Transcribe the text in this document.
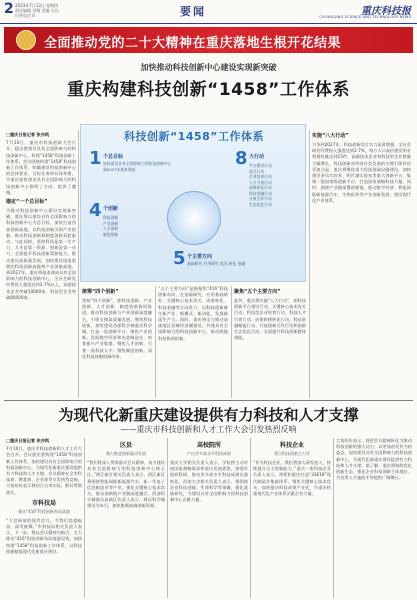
2 2023年7月13日 星期四
责任编辑 刘翔 美编 丰山
出售电话 0	要闻	重庆科技报
CHONGQING SCIENCE AND TECHNOLOGY NEWS
全面推动党的二十大精神在重庆落地生根开花结果
加快推动科技创新中心建设实现新突破
重庆构建科技创新“1458”工作体系
□重庆日报记者 张亦筑
7月10日，重庆市科技创新大会召开，提出要建设具有全国影响力的科技创新中心，构建“1458”科技创新工作体系。会议围绕构建“1458”科技创新工作体系，明确建设科技创新中心的总体要求、目标任务和具体举措，为重庆加快建设具有全国影响力的科技创新中心指明了方向、提供了遵循。
锚定“一个总目标”
为推动科技创新中心建设实现新突破，重庆将以建设具有全国影响力的科技创新中心为总目标，加快打造西部创新高地，以科技创新引领产业创新，推动科技创新和制度创新双轮驱动。与此同时，坚持科技是第一生产力、人才是第一资源、创新是第一动力，全面提升科技创新策源能力，推动重庆高质量发展，加快建设国家重要的科技创新高地和产业创新高地。到2027年，重庆将基本建成具有全国影响力的科技创新中心，全社会研发经费投入强度达到2.7%以上，高新技术企业突破10000家，科技型企业突破80000家。
科技创新“1458”工作体系
1 个总目标
加快建设具有全国影响力的科技创新中心
到2027年基本建成
4 个创新
科技创新
产业创新
人才创新
制度创新
5 个主要方向
基础研究 应用研究 攻关 转化 金融
8 大行动
平台建设行动
攻关行动
企业培育行动
人才引育行动
成果转化行动
科技金融行动
开放合作行动
生态优化行动
统筹“四个创新”
坚持“四个创新”，即科技创新、产业创新、人才创新、制度创新协同推进，推动科技创新与产业创新深度融合，引领支撑高质量发展。聚焦科技创新，加快建设西部科学城重庆科学城，打造一流创新平台；聚焦产业创新，发展数字经济和先进制造业，培育新兴产业集群；聚焦人才创新，引育一流科技人才；聚焦制度创新，深化科技体制机制改革。
“五个主要方向”是指聚焦“416”科技创新布局，在基础研究、应用基础研究、关键核心技术攻关、成果转化、科技金融等方向发力，以科技创新催生新产业、新模式、新动能，发展新质生产力。同时，重庆将全力推动成渝地区双城经济圈建设，共建具有全国影响力的科技创新中心，推动两地科技协同创新。
聚焦“五个主要方向”
此外，重庆将实施“八大行动”，即科技创新平台建设行动、关键核心技术攻关行动、科技型企业培育行动、科技人才引育行动、成果转移转化行动、科技金融赋能行动、开放创新合作行动和创新生态优化行动，全面提升科技创新整体效能。
实施“八大行动”
力争到2027年，科技创新综合实力显著增强，全社会研发经费投入强度达到2.7%，每万人口高价值发明专利拥有量达到15件，高新技术企业和科技型企业数量大幅增长，科技创新对经济社会发展的支撑引领作用更加凸显。重庆将聚焦重大科技基础设施建设，加快建设金凤实验室、明月湖实验室等重大创新平台，集聚一批国家级创新平台，打造国家战略科技力量。同时，围绕产业链部署创新链，推动数字经济、智能网联新能源汽车、生物医药等产业创新发展，建设现代化产业体系。
为现代化新重庆建设提供有力科技和人才支撑
——重庆市科技创新和人才工作大会引发热烈反响
□重庆日报记者 张亦筑
7月10日，重庆市科技创新和人才工作大会召开。会议提出要构建“1458”科技创新工作体系，加快建设具有全国影响力的科技创新中心，为现代化新重庆建设提供有力科技和人才支撑。会议精神在全市科技界、教育界、企业界等引发热烈反响，大家纷纷表示将结合自身实际，抓好贯彻落实。
市科技局
推动“416”科技创新布局落地
“大会释放的强烈信号，令我们倍感振奋、深受鼓舞。”市科技局相关负责人表示，下一步，将以会议精神为指引，全力推动“416”科技创新布局落地见效，加快构建“1458”科技创新工作体系，以科技创新赋能现代化新重庆建设。
区县
聚力推进创新驱动发展
“我们将深入贯彻落实会议精神，奋力建设具有全国影响力的科技创新中心核心区。”两江新区相关负责人表示，两江新区将围绕智能网联新能源汽车、新一代电子信息制造业等产业，强化关键核心技术攻关，推动创新链产业链深度融合。西部科学城重庆高新区负责人表示，将以科学城建设为牵引，加快集聚高端创新资源。
高校院所
产出更多高水平科技成果
重庆大学相关负责人表示，学校将主动对接国家战略需求和重庆发展需要，加强有组织科研，推动更多高水平科技成果在渝转化。西南大学相关负责人表示，将围绕农业科技创新、生命科学等领域，强化基础研究，为建设具有全国影响力的科技创新中心贡献力量。
科技企业
勇当科技创新主力军
“作为科技企业，我们将加大研发投入，持续提升自主创新能力。”重庆一家科技企业负责人表示，将紧扣重庆打造“33618”现代制造业集群体系，聚焦关键核心技术攻关，加快推动科技成果产业化，为重庆构建现代化产业体系贡献企业力量。
大家纷纷表示，将把会议精神转化为推动科技创新的强大动力，以更加奋发有为的姿态，加快建设具有全国影响力的科技创新中心，为现代化新重庆建设提供有力科技和人才支撑。据了解，重庆将持续优化创新生态，强化企业科技创新主体地位，为各类人才施展才华提供广阔舞台。
